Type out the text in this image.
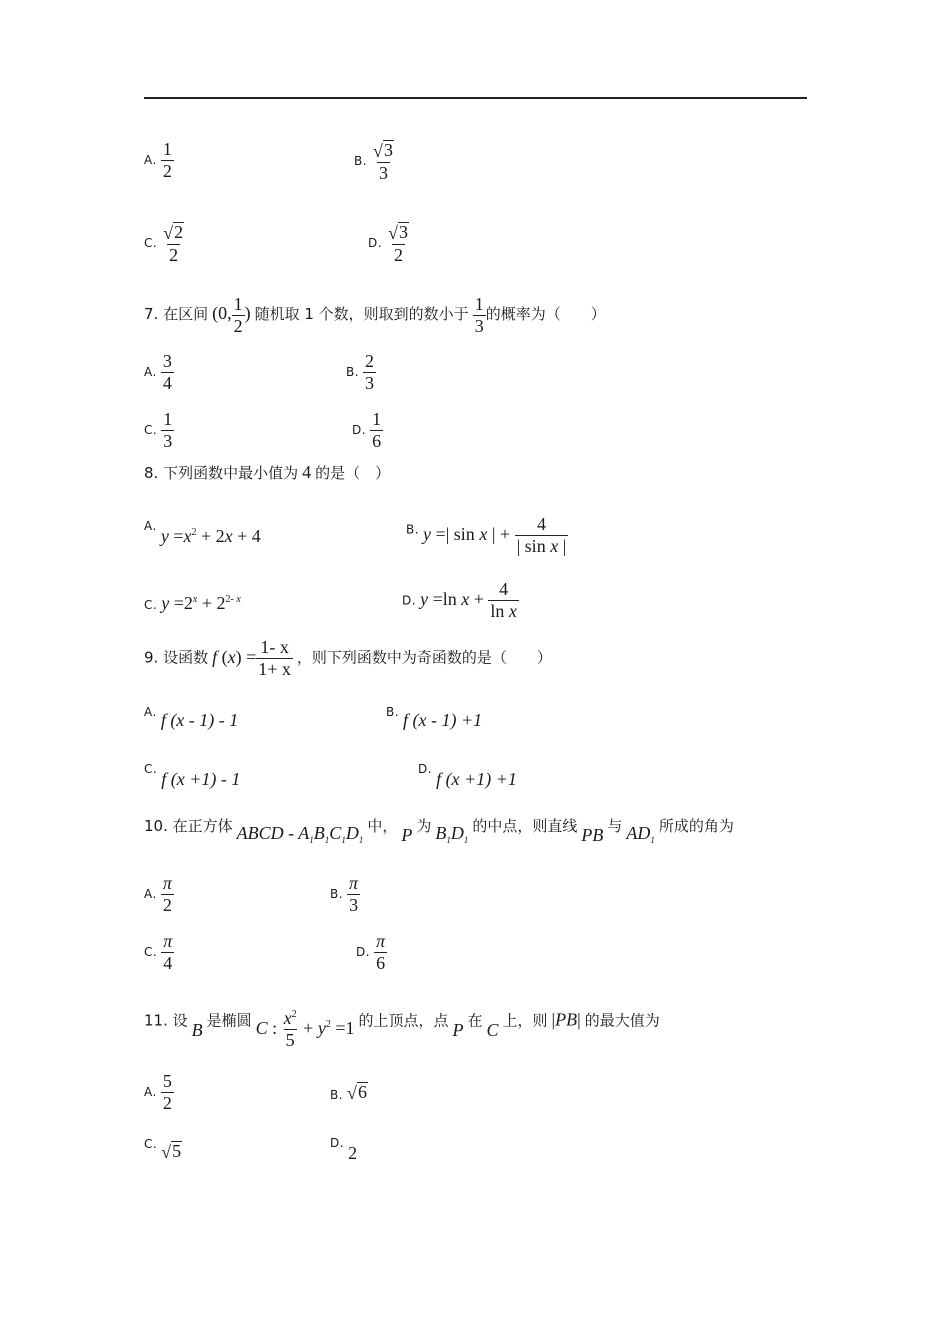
A. $\frac{1}{2}$	B. $\frac{√ 3}{3}$
C. $\frac{√ 2}{2}$	D. $\frac{√ 3}{2}$
7. 在区间 (0, $\frac{1}{2}$ ) 随机取 1 个数，则取到的数小于 $\frac{1}{3}$ 的概率为（　　）
A. $\frac{3}{4}$	B. $\frac{2}{3}$
C. $\frac{1}{3}$	D. $\frac{1}{6}$
8. 下列函数中最小值为 4 的是（　）
A. $y =x^2 + 2x + 4$	B. y =| sin x | + $\frac{4}{\text{| sin x |}}$
C. $y =2^x + 2^{2- x}$	D. y =ln $x + \frac{4}{\text{ln x}}$
9. 设函数 f $(x) = \frac{1- x}{1+ x}$ ，则下列函数中为奇函数的是（　　）
A. f (x - 1) - 1	B. f (x - 1) +1
C. f (x +1) - 1	D. f (x +1) +1
10. 在正方体 ABCD - $A_1B_1C_1D_1$ 中， P 为 $B_1D_1$ 的中点，则直线 PB 与 $AD_1$ 所成的角为
A. $\frac{\pi}{2}$	B. $\frac{\pi}{3}$
C. $\frac{\pi}{4}$	D. $\frac{\pi}{6}$
11. 设 B 是椭圆 C : $\frac{x^2}{5} + y^2 =1$ 的上顶点，点 P 在 C 上，则 |PB| 的最大值为
A. $\frac{5}{2}$	B. √ 6
C. √ 5	D. 2
